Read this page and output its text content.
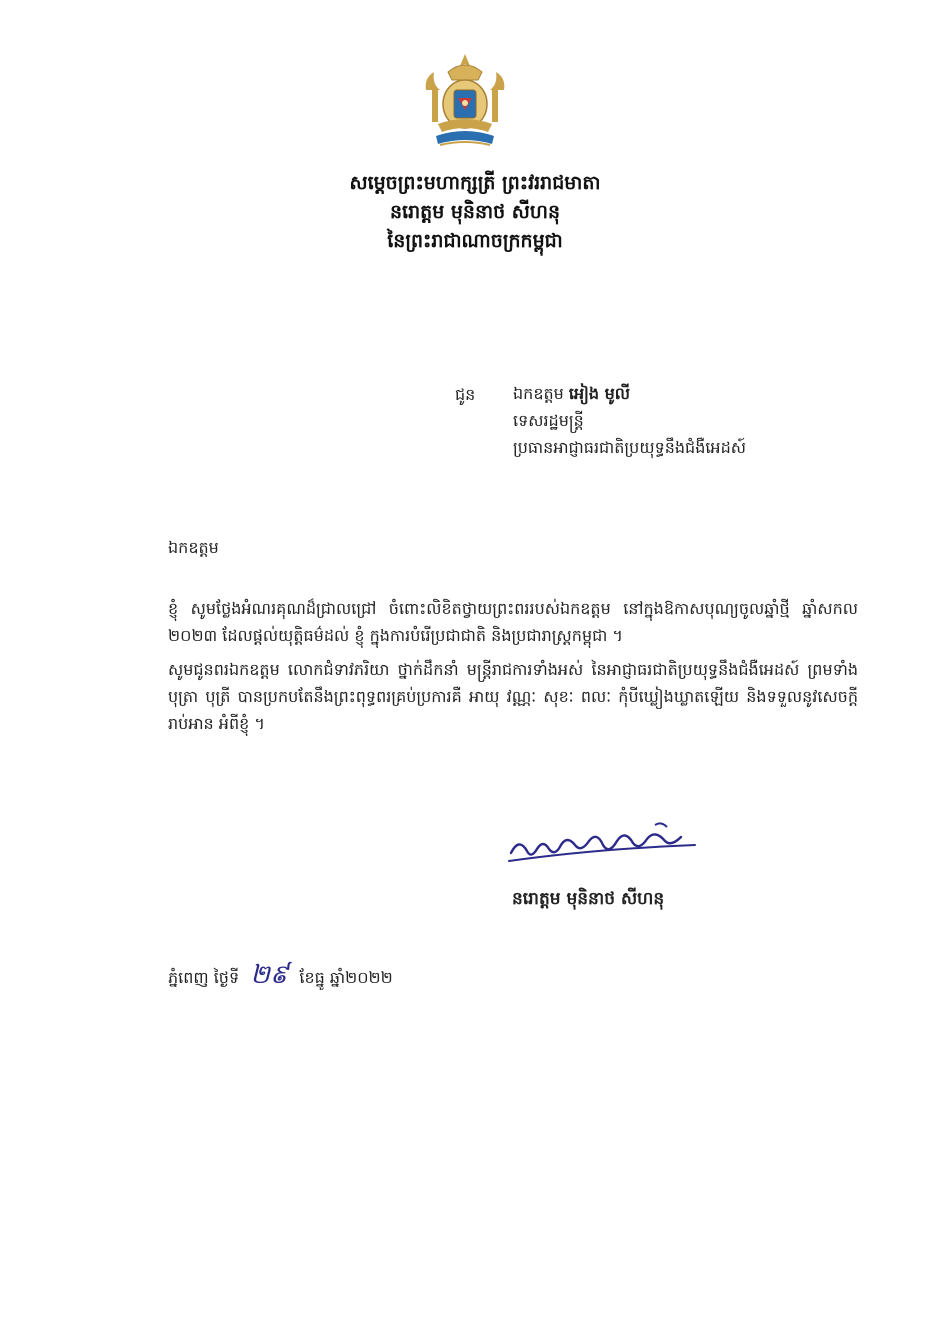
សម្តេចព្រះមហាក្សត្រី ព្រះវររាជមាតា
នរោត្តម មុនិនាថ សីហនុ
នៃព្រះរាជាណាចក្រកម្ពុជា
ជូន ឯកឧត្តម អៀង មូលី
ទេសរដ្ឋមន្ត្រី
ប្រធានអាជ្ញាធរជាតិប្រយុទ្ធនឹងជំងឺអេដស៍
ឯកឧត្តម
ខ្ញុំ សូមថ្លែងអំណរគុណដ៏ជ្រាលជ្រៅ ចំពោះលិខិតថ្វាយព្រះពររបស់ឯកឧត្តម នៅក្នុងឱកាសបុណ្យចូលឆ្នាំថ្មី ឆ្នាំសកល ២០២៣ ដែលផ្តល់យុត្តិធម៌ដល់ ខ្ញុំ ក្នុងការបំរើប្រជាជាតិ និងប្រជារាស្ត្រកម្ពុជា ។
សូមជូនពរឯកឧត្តម លោកជំទាវភរិយា ថ្នាក់ដឹកនាំ មន្ត្រីរាជការទាំងអស់ នៃអាជ្ញាធរជាតិប្រយុទ្ធនឹងជំងឺអេដស៍ ព្រមទាំងបុត្រា បុត្រី បានប្រកបតែនឹងព្រះពុទ្ធពរគ្រប់ប្រការគឺ អាយុ វណ្ណៈ សុខៈ ពលៈ កុំបីឃ្លៀងឃ្លាតឡើយ និងទទួលនូវសេចក្តីរាប់អាន អំពីខ្ញុំ ។
នរោត្តម មុនិនាថ សីហនុ
ភ្នំពេញ ថ្ងៃទី ២៩ ខែធ្នូ ឆ្នាំ២០២២
